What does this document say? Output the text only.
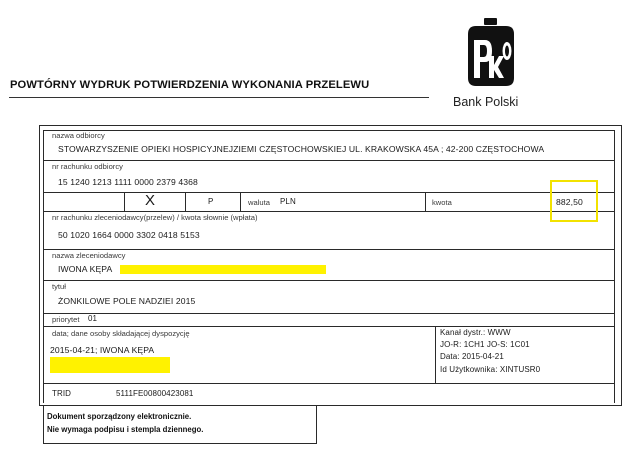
POWTÓRNY WYDRUK POTWIERDZENIA WYKONANIA PRZELEWU
Bank Polski
nazwa odbiorcy
STOWARZYSZENIE OPIEKI HOSPICYJNEJZIEMI CZĘSTOCHOWSKIEJ UL. KRAKOWSKA 45A ; 42-200 CZĘSTOCHOWA
nr rachunku odbiorcy
15 1240 1213 1111 0000 2379 4368
X	P	waluta PLN	kwota	882,50
nr rachunku zleceniodawcy(przelew) / kwota słownie (wpłata)
50 1020 1664 0000 3302 0418 5153
nazwa zleceniodawcy
IWONA KĘPA
tytuł
ŻONKILOWE POLE NADZIEI 2015
priorytet 01
data; dane osoby składającej dyspozycję
2015-04-21; IWONA KĘPA
Kanał dystr.: WWW
JO-R: 1CH1 JO-S: 1C01
Data: 2015-04-21
Id Użytkownika: XINTUSR0
TRID	5111FE00800423081
Dokument sporządzony elektronicznie.
Nie wymaga podpisu i stempla dziennego.
